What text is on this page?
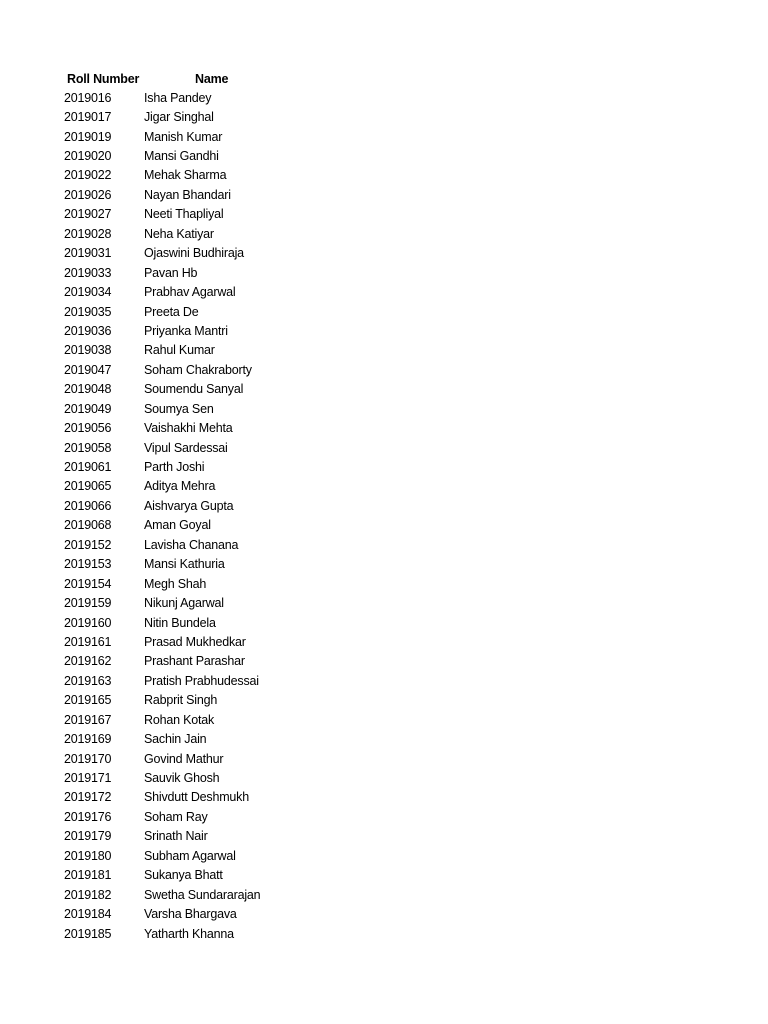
Roll Number	Name
2019016	Isha Pandey
2019017	Jigar Singhal
2019019	Manish Kumar
2019020	Mansi Gandhi
2019022	Mehak Sharma
2019026	Nayan Bhandari
2019027	Neeti Thapliyal
2019028	Neha Katiyar
2019031	Ojaswini Budhiraja
2019033	Pavan Hb
2019034	Prabhav Agarwal
2019035	Preeta De
2019036	Priyanka Mantri
2019038	Rahul Kumar
2019047	Soham Chakraborty
2019048	Soumendu Sanyal
2019049	Soumya Sen
2019056	Vaishakhi Mehta
2019058	Vipul Sardessai
2019061	Parth Joshi
2019065	Aditya Mehra
2019066	Aishvarya Gupta
2019068	Aman Goyal
2019152	Lavisha Chanana
2019153	Mansi Kathuria
2019154	Megh Shah
2019159	Nikunj Agarwal
2019160	Nitin Bundela
2019161	Prasad Mukhedkar
2019162	Prashant Parashar
2019163	Pratish Prabhudessai
2019165	Rabprit Singh
2019167	Rohan Kotak
2019169	Sachin Jain
2019170	Govind Mathur
2019171	Sauvik Ghosh
2019172	Shivdutt Deshmukh
2019176	Soham Ray
2019179	Srinath Nair
2019180	Subham Agarwal
2019181	Sukanya Bhatt
2019182	Swetha Sundararajan
2019184	Varsha Bhargava
2019185	Yatharth Khanna
